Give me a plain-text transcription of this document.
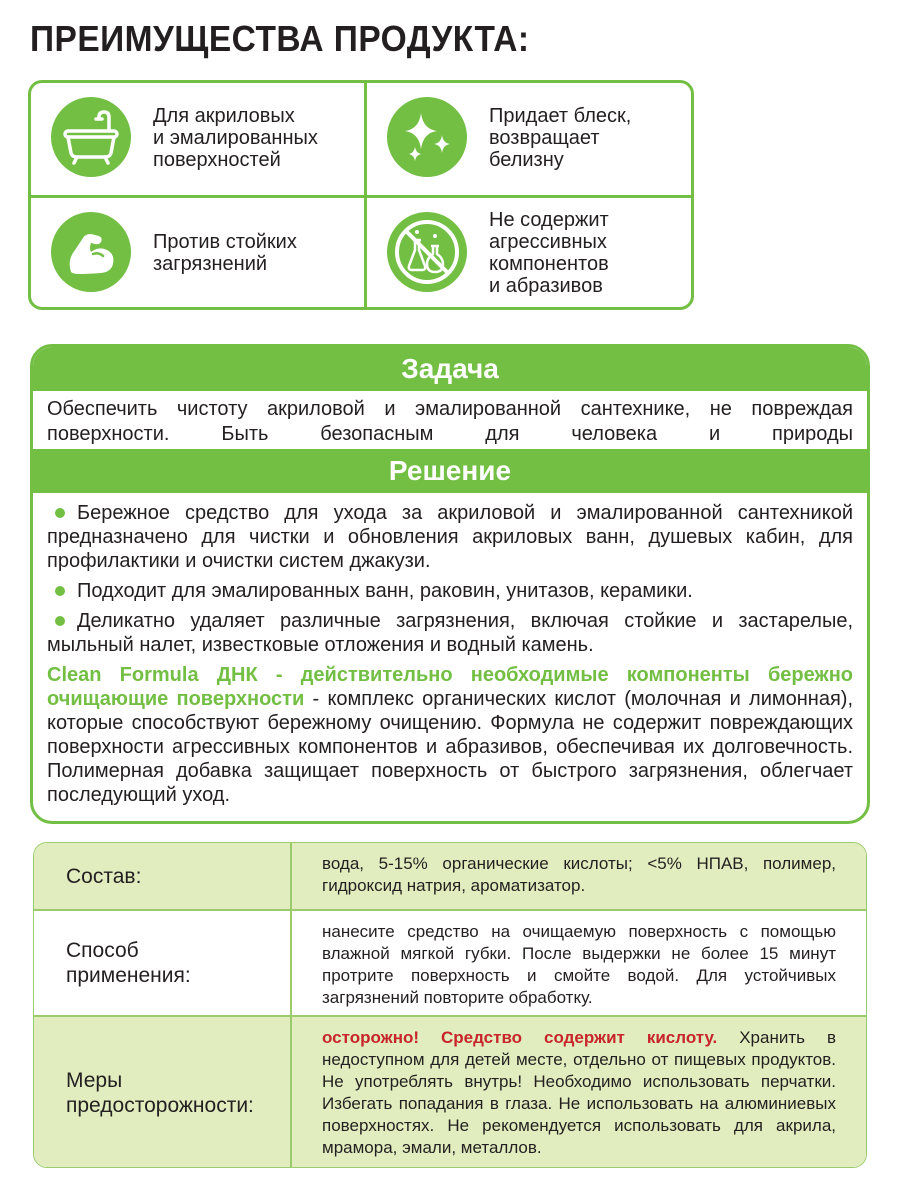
ПРЕИМУЩЕСТВА ПРОДУКТА:
Для акриловых
и эмалированных
поверхностей
Придает блеск,
возвращает
белизну
Против стойких
загрязнений
Не содержит
агрессивных
компонентов
и абразивов
Задача
Обеспечить чистоту акриловой и эмалированной сантехнике, не повреждая поверхности. Быть безопасным для человека и природы
Решение
Бережное средство для ухода за акриловой и эмалированной сантехникой предназначено для чистки и обновления акриловых ванн, душевых кабин, для профилактики и очистки систем джакузи.
Подходит для эмалированных ванн, раковин, унитазов, керамики.
Деликатно удаляет различные загрязнения, включая стойкие и застарелые, мыльный налет, известковые отложения и водный камень.
Clean Formula ДНК - действительно необходимые компоненты бережно очищающие поверхности - комплекс органических кислот (молочная и лимонная), которые способствуют бережному очищению. Формула не содержит повреждающих поверхности агрессивных компонентов и абразивов, обеспечивая их долговечность. Полимерная добавка защищает поверхность от быстрого загрязнения, облегчает последующий уход.
Состав:
вода, 5-15% органические кислоты; <5% НПАВ, полимер, гидроксид натрия, ароматизатор.
Способ
применения:
нанесите средство на очищаемую поверхность с помощью влажной мягкой губки. После выдержки не более 15 минут протрите поверхность и смойте водой. Для устойчивых загрязнений повторите обработку.
Меры
предосторожности:
осторожно! Средство содержит кислоту. Хранить в недоступном для детей месте, отдельно от пищевых продуктов. Не употреблять внутрь! Необходимо использовать перчатки. Избегать попадания в глаза. Не использовать на алюминиевых поверхностях. Не рекомендуется использовать для акрила, мрамора, эмали, металлов.
